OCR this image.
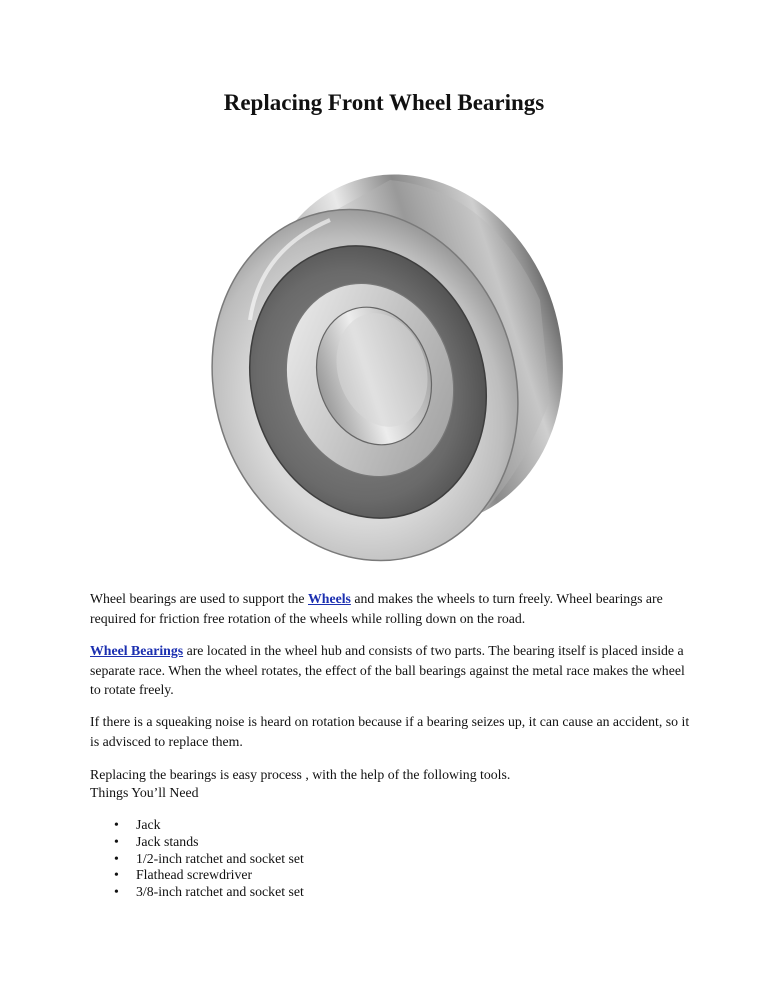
Replacing Front Wheel Bearings

Wheel bearings are used to support the Wheels and makes the wheels to turn freely. Wheel bearings are required for friction free rotation of the wheels while rolling down on the road.

Wheel Bearings are located in the wheel hub and consists of two parts. The bearing itself is placed inside a separate race. When the wheel rotates, the effect of the ball bearings against the metal race makes the wheel to rotate freely.

If there is a squeaking noise is heard on rotation because if a bearing seizes up, it can cause an accident, so it is advisced to replace them.

Replacing the bearings is easy process , with the help of the following tools.

Things You’ll Need

• Jack
• Jack stands
• 1/2-inch ratchet and socket set
• Flathead screwdriver
• 3/8-inch ratchet and socket set
